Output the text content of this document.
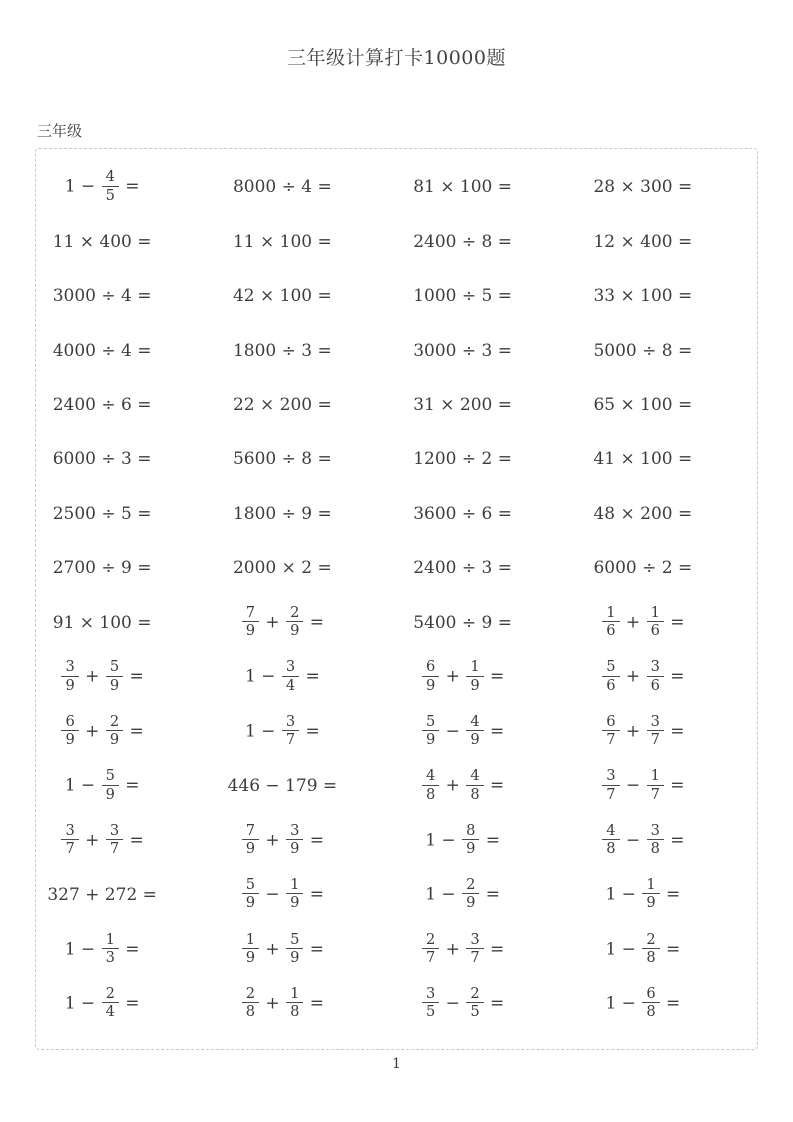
三年级计算打卡10000题
三年级
$1 - \frac{4}{5}$ =	8000 ÷ 4 =	81 × 100 =	28 × 300 =
11 × 400 =	11 × 100 =	2400 ÷ 8 =	12 × 400 =
3000 ÷ 4 =	42 × 100 =	1000 ÷ 5 =	33 × 100 =
4000 ÷ 4 =	1800 ÷ 3 =	3000 ÷ 3 =	5000 ÷ 8 =
2400 ÷ 6 =	22 × 200 =	31 × 200 =	65 × 100 =
6000 ÷ 3 =	5600 ÷ 8 =	1200 ÷ 2 =	41 × 100 =
2500 ÷ 5 =	1800 ÷ 9 =	3600 ÷ 6 =	48 × 200 =
2700 ÷ 9 =	2000 × 2 =	2400 ÷ 3 =	6000 ÷ 2 =
91 × 100 =	$\frac{7}{9} + \frac{2}{9}$ =	5400 ÷ 9 =	$\frac{1}{6} + \frac{1}{6}$ =
$\frac{3}{9} + \frac{5}{9}$ =	$1 - \frac{3}{4}$ =	$\frac{6}{9} + \frac{1}{9}$ =	$\frac{5}{6} + \frac{3}{6}$ =
$\frac{6}{9} + \frac{2}{9}$ =	$1 - \frac{3}{7}$ =	$\frac{5}{9} - \frac{4}{9}$ =	$\frac{6}{7} + \frac{3}{7}$ =
$1 - \frac{5}{9}$ =	446 − 179 =	$\frac{4}{8} + \frac{4}{8}$ =	$\frac{3}{7} - \frac{1}{7}$ =
$\frac{3}{7} + \frac{3}{7}$ =	$\frac{7}{9} + \frac{3}{9}$ =	$1 - \frac{8}{9}$ =	$\frac{4}{8} - \frac{3}{8}$ =
327 + 272 =	$\frac{5}{9} - \frac{1}{9}$ =	$1 - \frac{2}{9}$ =	$1 - \frac{1}{9}$ =
$1 - \frac{1}{3}$ =	$\frac{1}{9} + \frac{5}{9}$ =	$\frac{2}{7} + \frac{3}{7}$ =	$1 - \frac{2}{8}$ =
$1 - \frac{2}{4}$ =	$\frac{2}{8} + \frac{1}{8}$ =	$\frac{3}{5} - \frac{2}{5}$ =	$1 - \frac{6}{8}$ =
1
